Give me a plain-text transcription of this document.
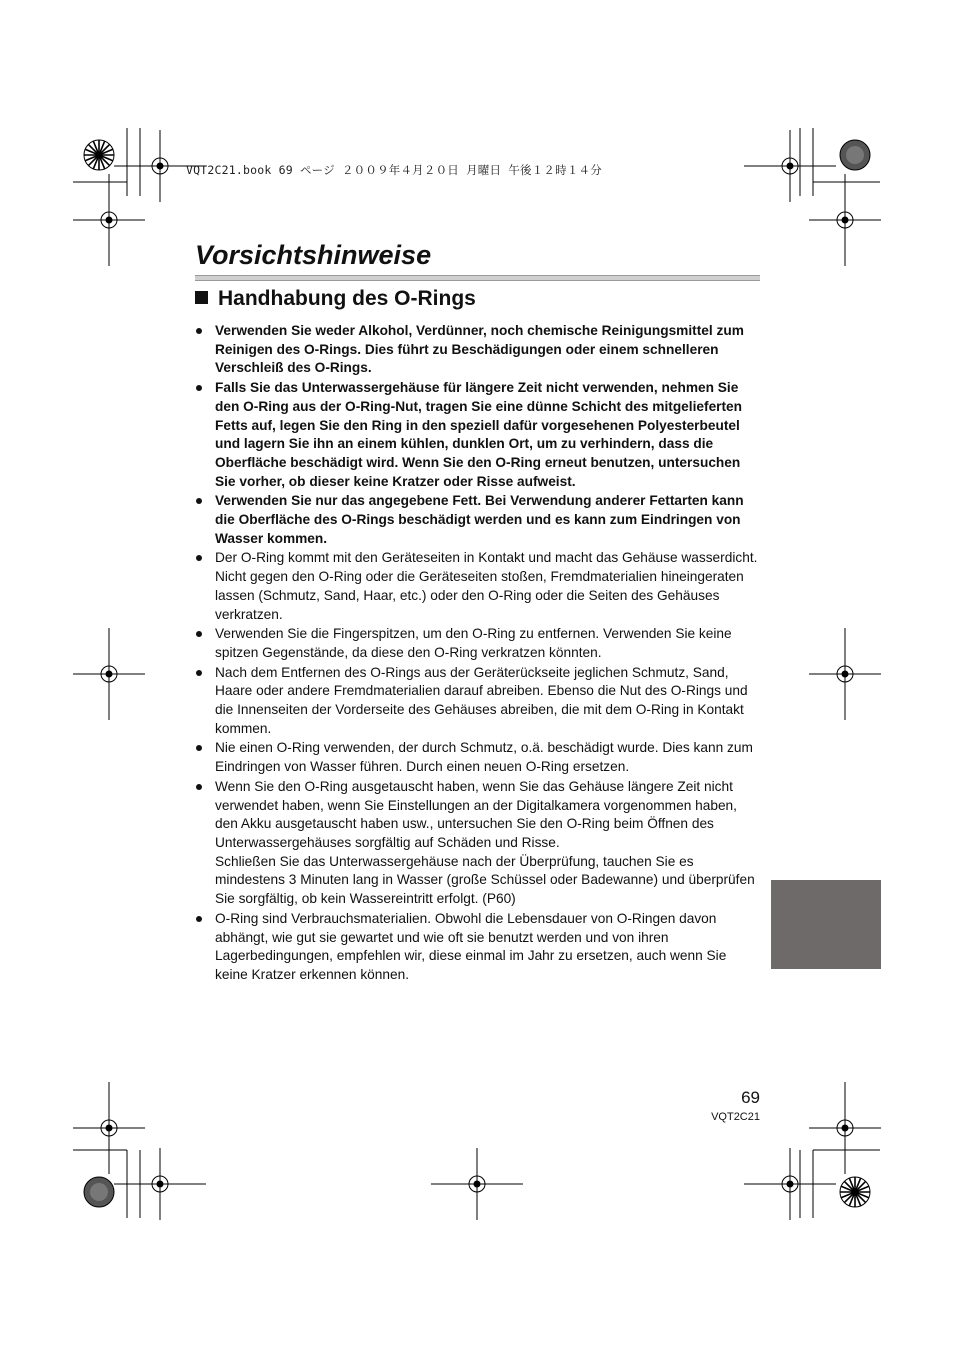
VQT2C21.book 69 ページ ２００９年４月２０日 月曜日 午後１２時１４分
Vorsichtshinweise
Handhabung des O-Rings
Verwenden Sie weder Alkohol, Verdünner, noch chemische Reinigungsmittel zum Reinigen des O-Rings. Dies führt zu Beschädigungen oder einem schnelleren Verschleiß des O-Rings.
Falls Sie das Unterwassergehäuse für längere Zeit nicht verwenden, nehmen Sie den O-Ring aus der O-Ring-Nut, tragen Sie eine dünne Schicht des mitgelieferten Fetts auf, legen Sie den Ring in den speziell dafür vorgesehenen Polyesterbeutel und lagern Sie ihn an einem kühlen, dunklen Ort, um zu verhindern, dass die Oberfläche beschädigt wird. Wenn Sie den O-Ring erneut benutzen, untersuchen Sie vorher, ob dieser keine Kratzer oder Risse aufweist.
Verwenden Sie nur das angegebene Fett. Bei Verwendung anderer Fettarten kann die Oberfläche des O-Rings beschädigt werden und es kann zum Eindringen von Wasser kommen.
Der O-Ring kommt mit den Geräteseiten in Kontakt und macht das Gehäuse wasserdicht. Nicht gegen den O-Ring oder die Geräteseiten stoßen, Fremdmaterialien hineingeraten lassen (Schmutz, Sand, Haar, etc.) oder den O-Ring oder die Seiten des Gehäuses verkratzen.
Verwenden Sie die Fingerspitzen, um den O-Ring zu entfernen. Verwenden Sie keine spitzen Gegenstände, da diese den O-Ring verkratzen könnten.
Nach dem Entfernen des O-Rings aus der Geräterückseite jeglichen Schmutz, Sand, Haare oder andere Fremdmaterialien darauf abreiben. Ebenso die Nut des O-Rings und die Innenseiten der Vorderseite des Gehäuses abreiben, die mit dem O-Ring in Kontakt kommen.
Nie einen O-Ring verwenden, der durch Schmutz, o.ä. beschädigt wurde. Dies kann zum Eindringen von Wasser führen. Durch einen neuen O-Ring ersetzen.
Wenn Sie den O-Ring ausgetauscht haben, wenn Sie das Gehäuse längere Zeit nicht verwendet haben, wenn Sie Einstellungen an der Digitalkamera vorgenommen haben, den Akku ausgetauscht haben usw., untersuchen Sie den O-Ring beim Öffnen des Unterwassergehäuses sorgfältig auf Schäden und Risse.
Schließen Sie das Unterwassergehäuse nach der Überprüfung, tauchen Sie es mindestens 3 Minuten lang in Wasser (große Schüssel oder Badewanne) und überprüfen Sie sorgfältig, ob kein Wassereintritt erfolgt. (P60)
O-Ring sind Verbrauchsmaterialien. Obwohl die Lebensdauer von O-Ringen davon abhängt, wie gut sie gewartet und wie oft sie benutzt werden und von ihren Lagerbedingungen, empfehlen wir, diese einmal im Jahr zu ersetzen, auch wenn Sie keine Kratzer erkennen können.
69
VQT2C21
